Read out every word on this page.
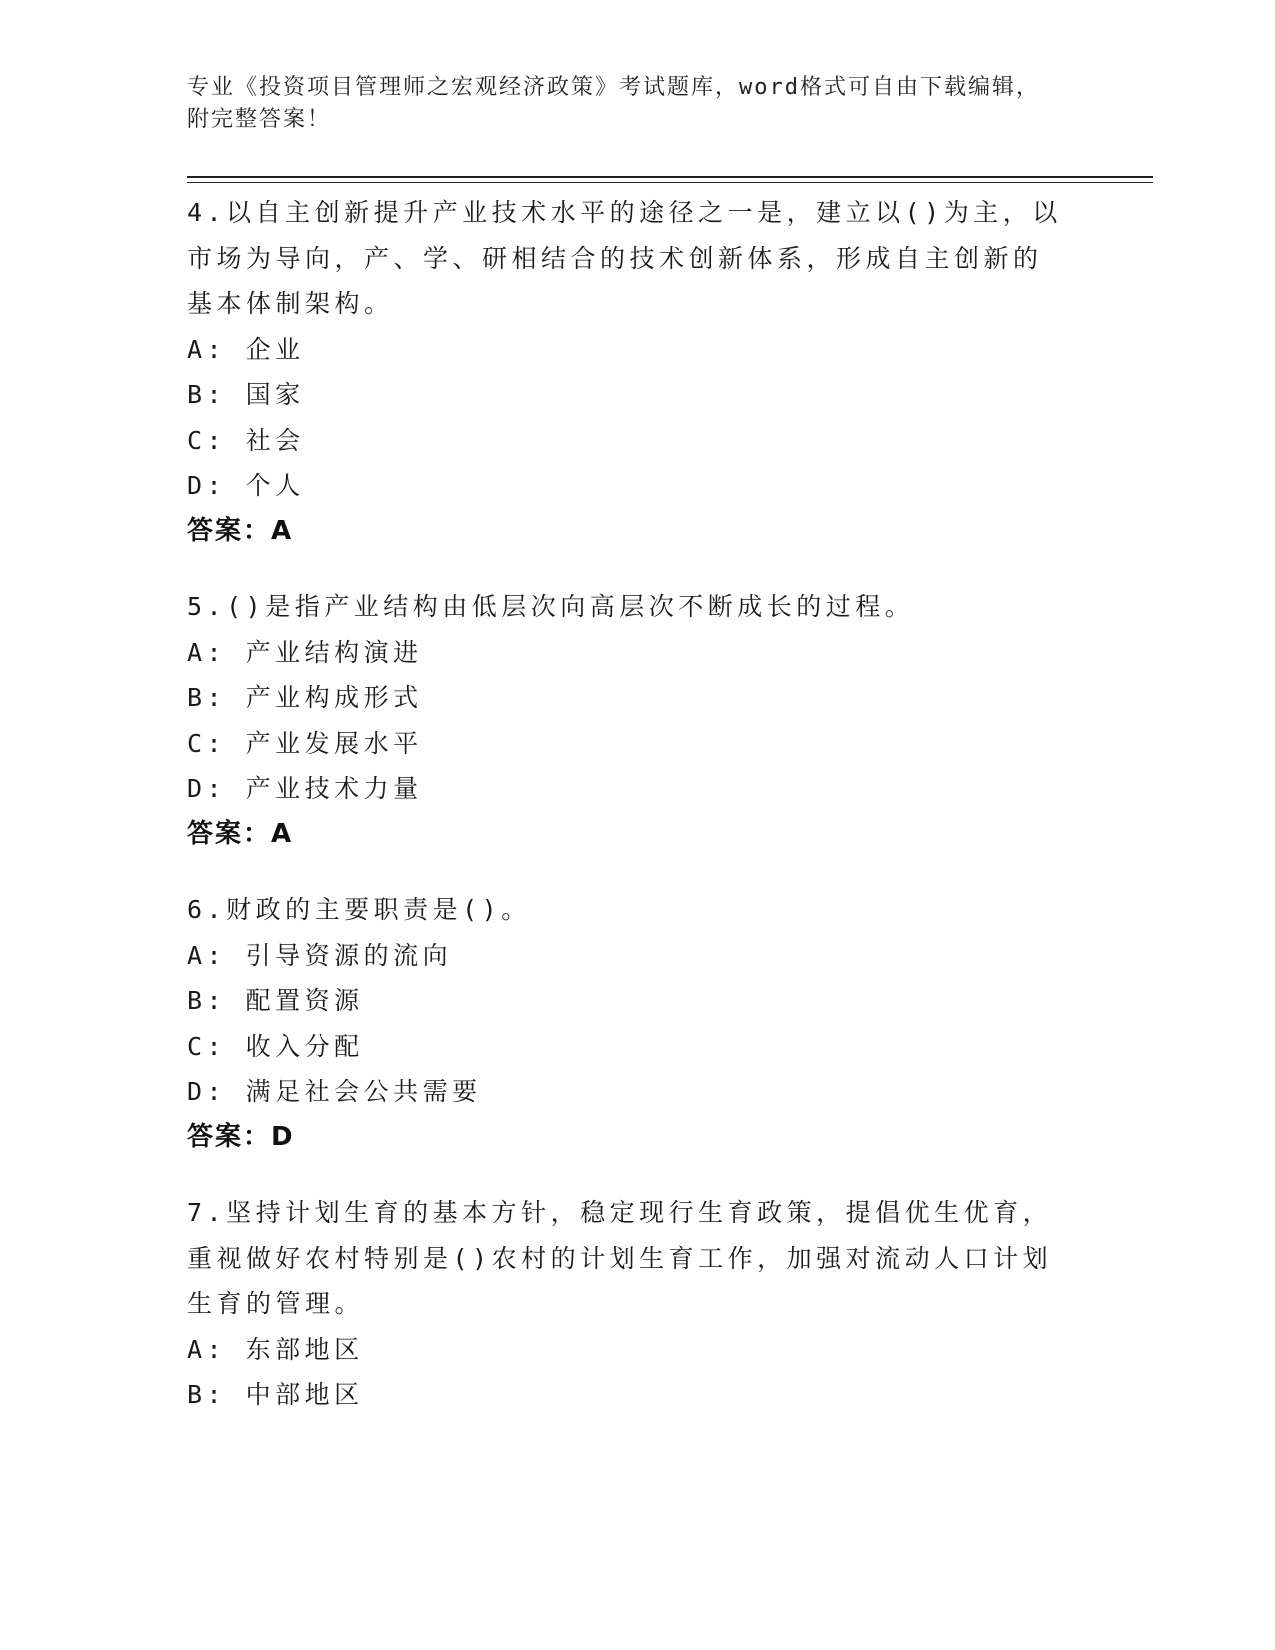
专业《投资项目管理师之宏观经济政策》考试题库，word格式可自由下载编辑，
附完整答案！
4.以自主创新提升产业技术水平的途径之一是，建立以()为主，以市场为导向，产、学、研相结合的技术创新体系，形成自主创新的基本体制架构。
A: 企业
B: 国家
C: 社会
D: 个人
答案：A
5.()是指产业结构由低层次向高层次不断成长的过程。
A: 产业结构演进
B: 产业构成形式
C: 产业发展水平
D: 产业技术力量
答案：A
6.财政的主要职责是()。
A: 引导资源的流向
B: 配置资源
C: 收入分配
D: 满足社会公共需要
答案：D
7.坚持计划生育的基本方针，稳定现行生育政策，提倡优生优育，重视做好农村特别是()农村的计划生育工作，加强对流动人口计划生育的管理。
A: 东部地区
B: 中部地区
